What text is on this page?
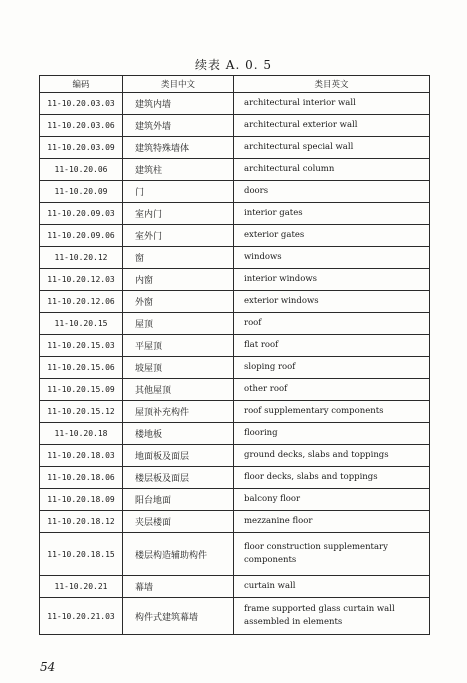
续表 A. 0. 5
编码	类目中文	类目英文
11-10.20.03.03	建筑内墙	architectural interior wall
11-10.20.03.06	建筑外墙	architectural exterior wall
11-10.20.03.09	建筑特殊墙体	architectural special wall
11-10.20.06	建筑柱	architectural column
11-10.20.09	门	doors
11-10.20.09.03	室内门	interior gates
11-10.20.09.06	室外门	exterior gates
11-10.20.12	窗	windows
11-10.20.12.03	内窗	interior windows
11-10.20.12.06	外窗	exterior windows
11-10.20.15	屋顶	roof
11-10.20.15.03	平屋顶	flat roof
11-10.20.15.06	坡屋顶	sloping roof
11-10.20.15.09	其他屋顶	other roof
11-10.20.15.12	屋顶补充构件	roof supplementary components
11-10.20.18	楼地板	flooring
11-10.20.18.03	地面板及面层	ground decks, slabs and toppings
11-10.20.18.06	楼层板及面层	floor decks, slabs and toppings
11-10.20.18.09	阳台地面	balcony floor
11-10.20.18.12	夹层楼面	mezzanine floor
11-10.20.18.15	楼层构造辅助构件	floor construction supplementary components
11-10.20.21	幕墙	curtain wall
11-10.20.21.03	构件式建筑幕墙	frame supported glass curtain wall assembled in elements
54
